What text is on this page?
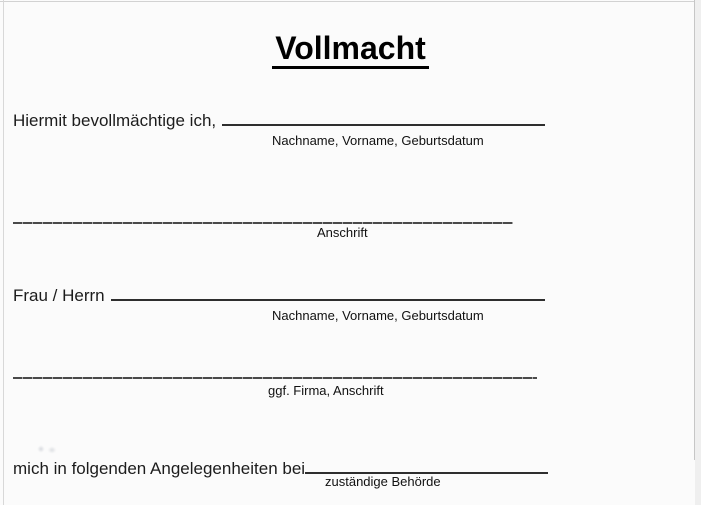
Vollmacht
Hiermit bevollmächtige ich,
Nachname, Vorname, Geburtsdatum
Anschrift
Frau / Herrn
Nachname, Vorname, Geburtsdatum
ggf. Firma, Anschrift
mich in folgenden Angelegenheiten bei
zuständige Behörde
